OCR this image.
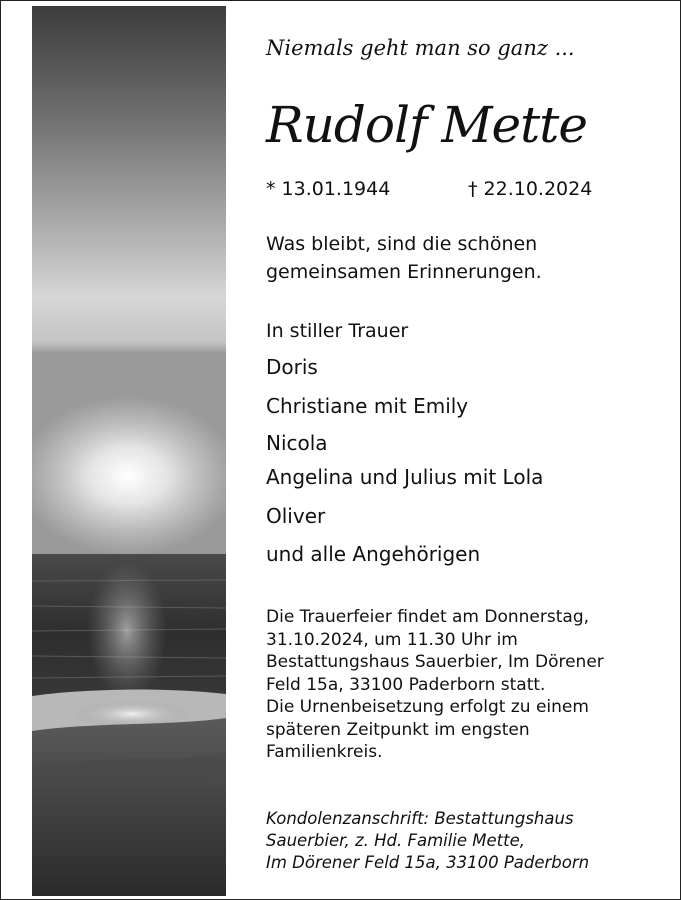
Niemals geht man so ganz ...
Rudolf Mette
* 13.01.1944	† 22.10.2024
Was bleibt, sind die schönen
gemeinsamen Erinnerungen.
In stiller Trauer
Doris
Christiane mit Emily
Nicola
Angelina und Julius mit Lola
Oliver
und alle Angehörigen
Die Trauerfeier findet am Donnerstag,
31.10.2024, um 11.30 Uhr im
Bestattungshaus Sauerbier, Im Dörener
Feld 15a, 33100 Paderborn statt.
Die Urnenbeisetzung erfolgt zu einem
späteren Zeitpunkt im engsten
Familienkreis.
Kondolenzanschrift: Bestattungshaus
Sauerbier, z. Hd. Familie Mette,
Im Dörener Feld 15a, 33100 Paderborn
